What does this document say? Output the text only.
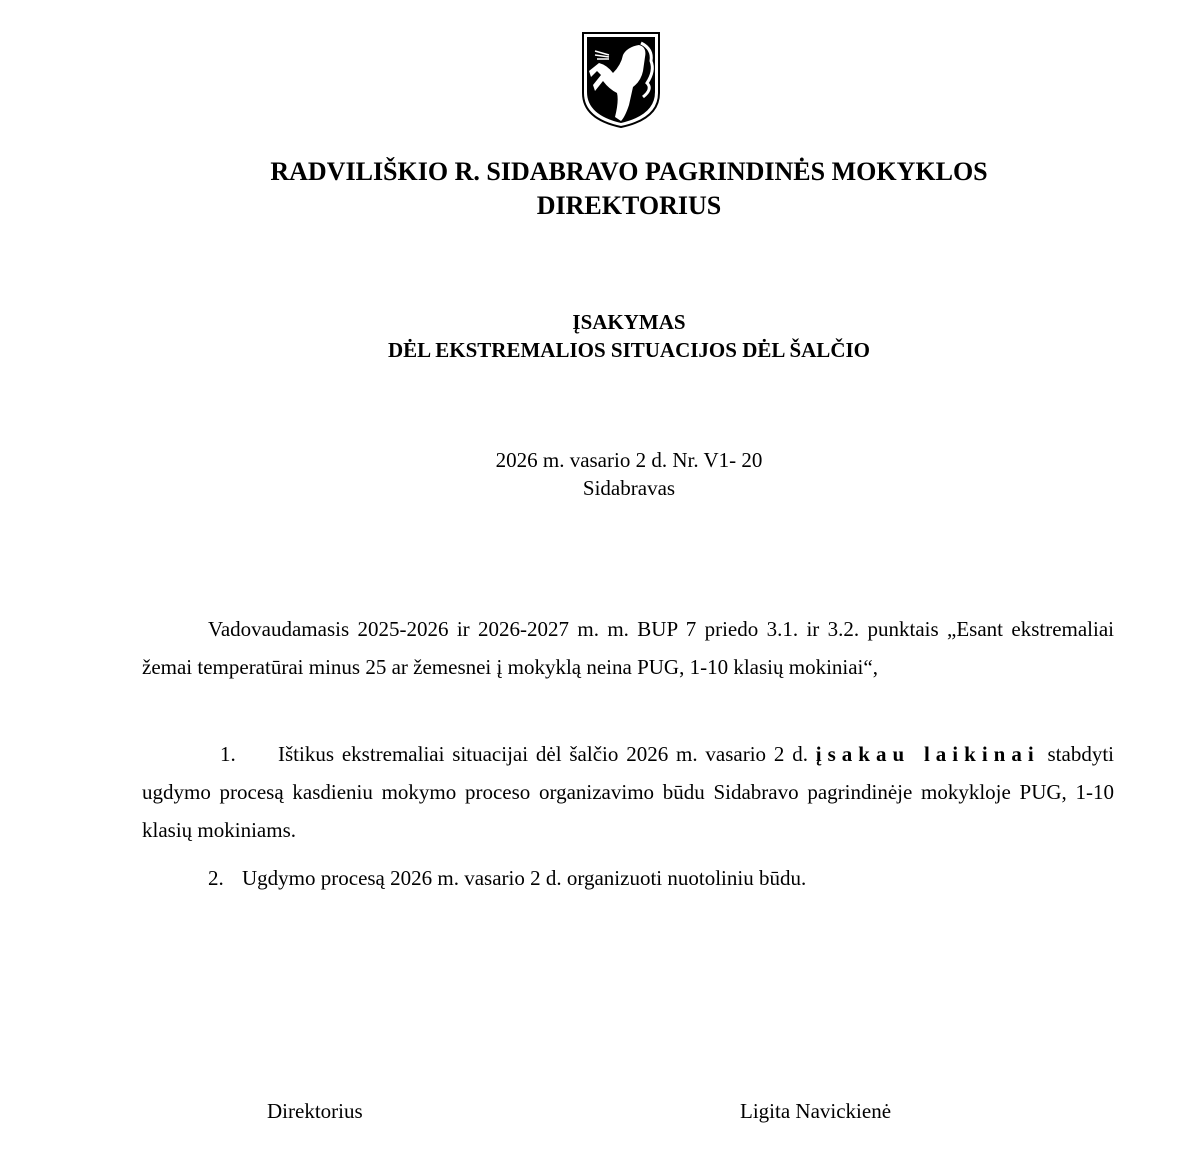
RADVILIŠKIO R. SIDABRAVO PAGRINDINĖS MOKYKLOS
DIREKTORIUS
ĮSAKYMAS
DĖL EKSTREMALIOS SITUACIJOS DĖL ŠALČIO
2026 m. vasario 2 d. Nr. V1- 20
Sidabravas
Vadovaudamasis 2025-2026 ir 2026-2027 m. m. BUP 7 priedo 3.1. ir 3.2. punktais „Esant ekstremaliai žemai temperatūrai minus 25 ar žemesnei į mokyklą neina PUG, 1-10 klasių mokiniai“,
1. Ištikus ekstremaliai situacijai dėl šalčio 2026 m. vasario 2 d. įsakau laikinai stabdyti ugdymo procesą kasdieniu mokymo proceso organizavimo būdu Sidabravo pagrindinėje mokykloje PUG, 1-10 klasių mokiniams.
2. Ugdymo procesą 2026 m. vasario 2 d. organizuoti nuotoliniu būdu.
Direktorius	Ligita Navickienė
